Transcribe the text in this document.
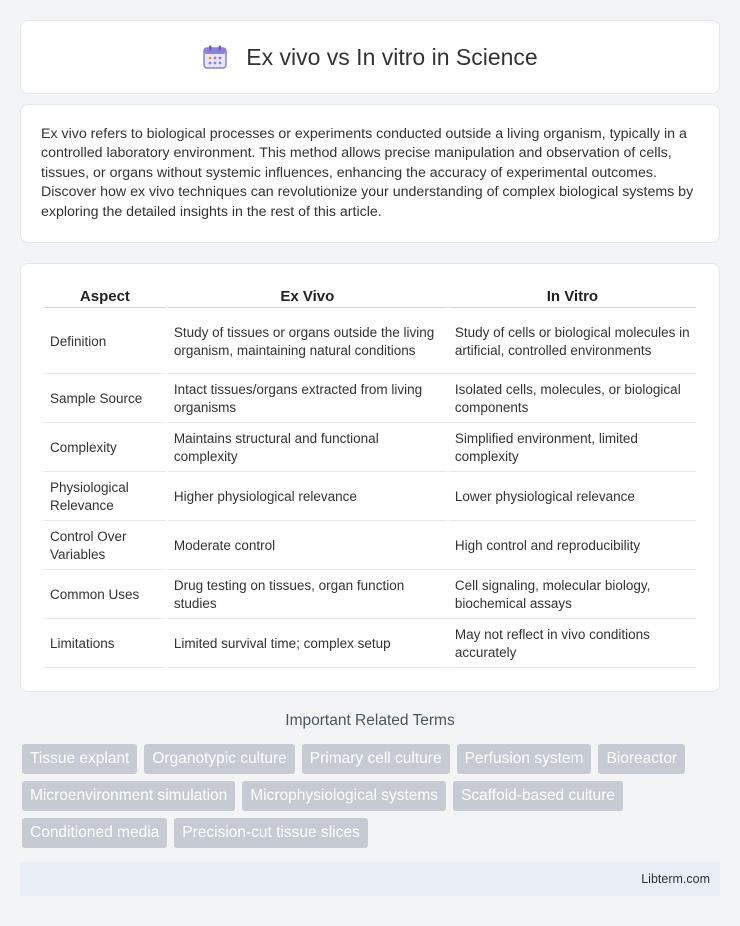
Ex vivo vs In vitro in Science

Ex vivo refers to biological processes or experiments conducted outside a living organism, typically in a controlled laboratory environment. This method allows precise manipulation and observation of cells, tissues, or organs without systemic influences, enhancing the accuracy of experimental outcomes. Discover how ex vivo techniques can revolutionize your understanding of complex biological systems by exploring the detailed insights in the rest of this article.

Aspect	Ex Vivo	In Vitro
Definition	Study of tissues or organs outside the living organism, maintaining natural conditions	Study of cells or biological molecules in artificial, controlled environments
Sample Source	Intact tissues/organs extracted from living organisms	Isolated cells, molecules, or biological components
Complexity	Maintains structural and functional complexity	Simplified environment, limited complexity
Physiological Relevance	Higher physiological relevance	Lower physiological relevance
Control Over Variables	Moderate control	High control and reproducibility
Common Uses	Drug testing on tissues, organ function studies	Cell signaling, molecular biology, biochemical assays
Limitations	Limited survival time; complex setup	May not reflect in vivo conditions accurately
Important Related Terms
Tissue explant	Organotypic culture	Primary cell culture	Perfusion system	Bioreactor
Microenvironment simulation	Microphysiological systems	Scaffold-based culture
Conditioned media	Precision-cut tissue slices
Libterm.com
